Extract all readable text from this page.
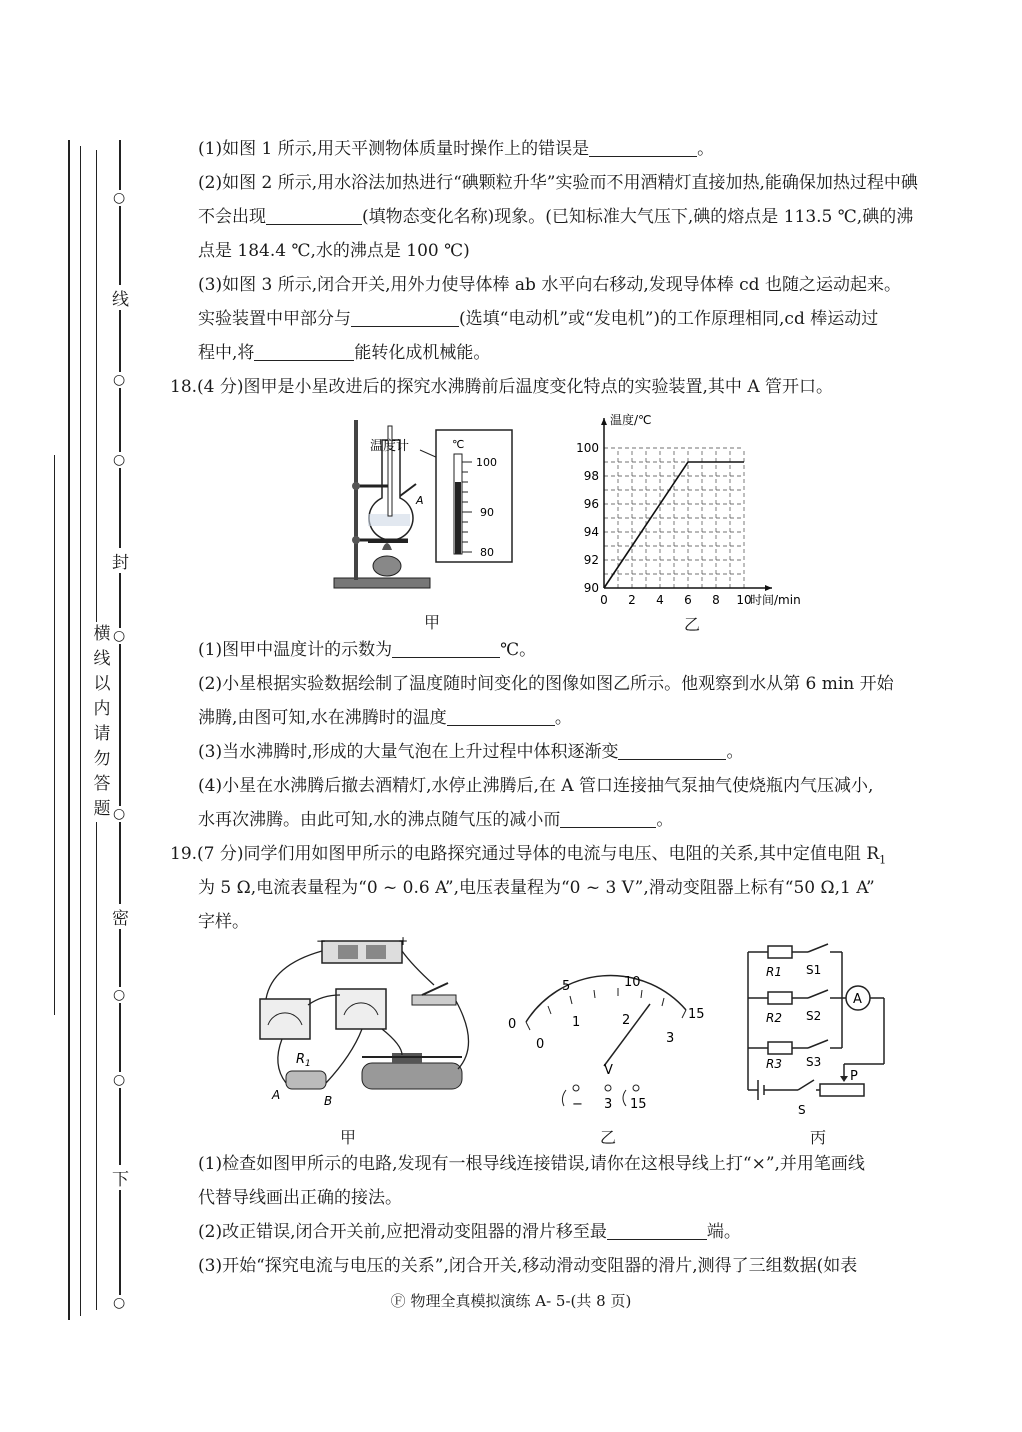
○
线
○
○
封
○
○
密
○
○
下
○
横
线
以
内
请
勿
答
题
(1)如图 1 所示,用天平测物体质量时操作上的错误是	。
(2)如图 2 所示,用水浴法加热进行“碘颗粒升华”实验而不用酒精灯直接加热,能确保加热过程中碘
不会出现	(填物态变化名称)现象。(已知标准大气压下,碘的熔点是 113.5 ℃,碘的沸
点是 184.4 ℃,水的沸点是 100 ℃)
(3)如图 3 所示,闭合开关,用外力使导体棒 ab 水平向右移动,发现导体棒 cd 也随之运动起来。
实验装置中甲部分与	(选填“电动机”或“发电机”)的工作原理相同,cd 棒运动过
程中,将	能转化成机械能。
18.(4 分)图甲是小星改进后的探究水沸腾前后温度变化特点的实验装置,其中 A 管开口。
A
.
温度计	℃
100
90
80
甲
0 2 4 6 8 10
90
92
94
96
98
100
时间/min
温度/℃
乙
(1)图甲中温度计的示数为	℃。
(2)小星根据实验数据绘制了温度随时间变化的图像如图乙所示。他观察到水从第 6 min 开始
沸腾,由图可知,水在沸腾时的温度	。
(3)当水沸腾时,形成的大量气泡在上升过程中体积逐渐变	。
(4)小星在水沸腾后撤去酒精灯,水停止沸腾后,在 A 管口连接抽气泵抽气使烧瓶内气压减小,
水再次沸腾。由此可知,水的沸点随气压的减小而	。
19.(7 分)同学们用如图甲所示的电路探究通过导体的电流与电压、电阻的关系,其中定值电阻 $R_1$
为 5 Ω,电流表量程为“0 ~ 0.6 A”,电压表量程为“0 ~ 3 V”,滑动变阻器上标有“50 Ω,1 A”
字样。
−	+
$R_1$
A	B
甲
0
5	10
15
0
1	2
3
V
− 3 15
乙
R1
R2
R3
S1
S2
S3
S
A
P
丙
(1)检查如图甲所示的电路,发现有一根导线连接错误,请你在这根导线上打“×”,并用笔画线
代替导线画出正确的接法。
(2)改正错误,闭合开关前,应把滑动变阻器的滑片移至最	端。
(3)开始“探究电流与电压的关系”,闭合开关,移动滑动变阻器的滑片,测得了三组数据(如表
Ⓕ 物理全真模拟演练 A- 5-(共 8 页)
